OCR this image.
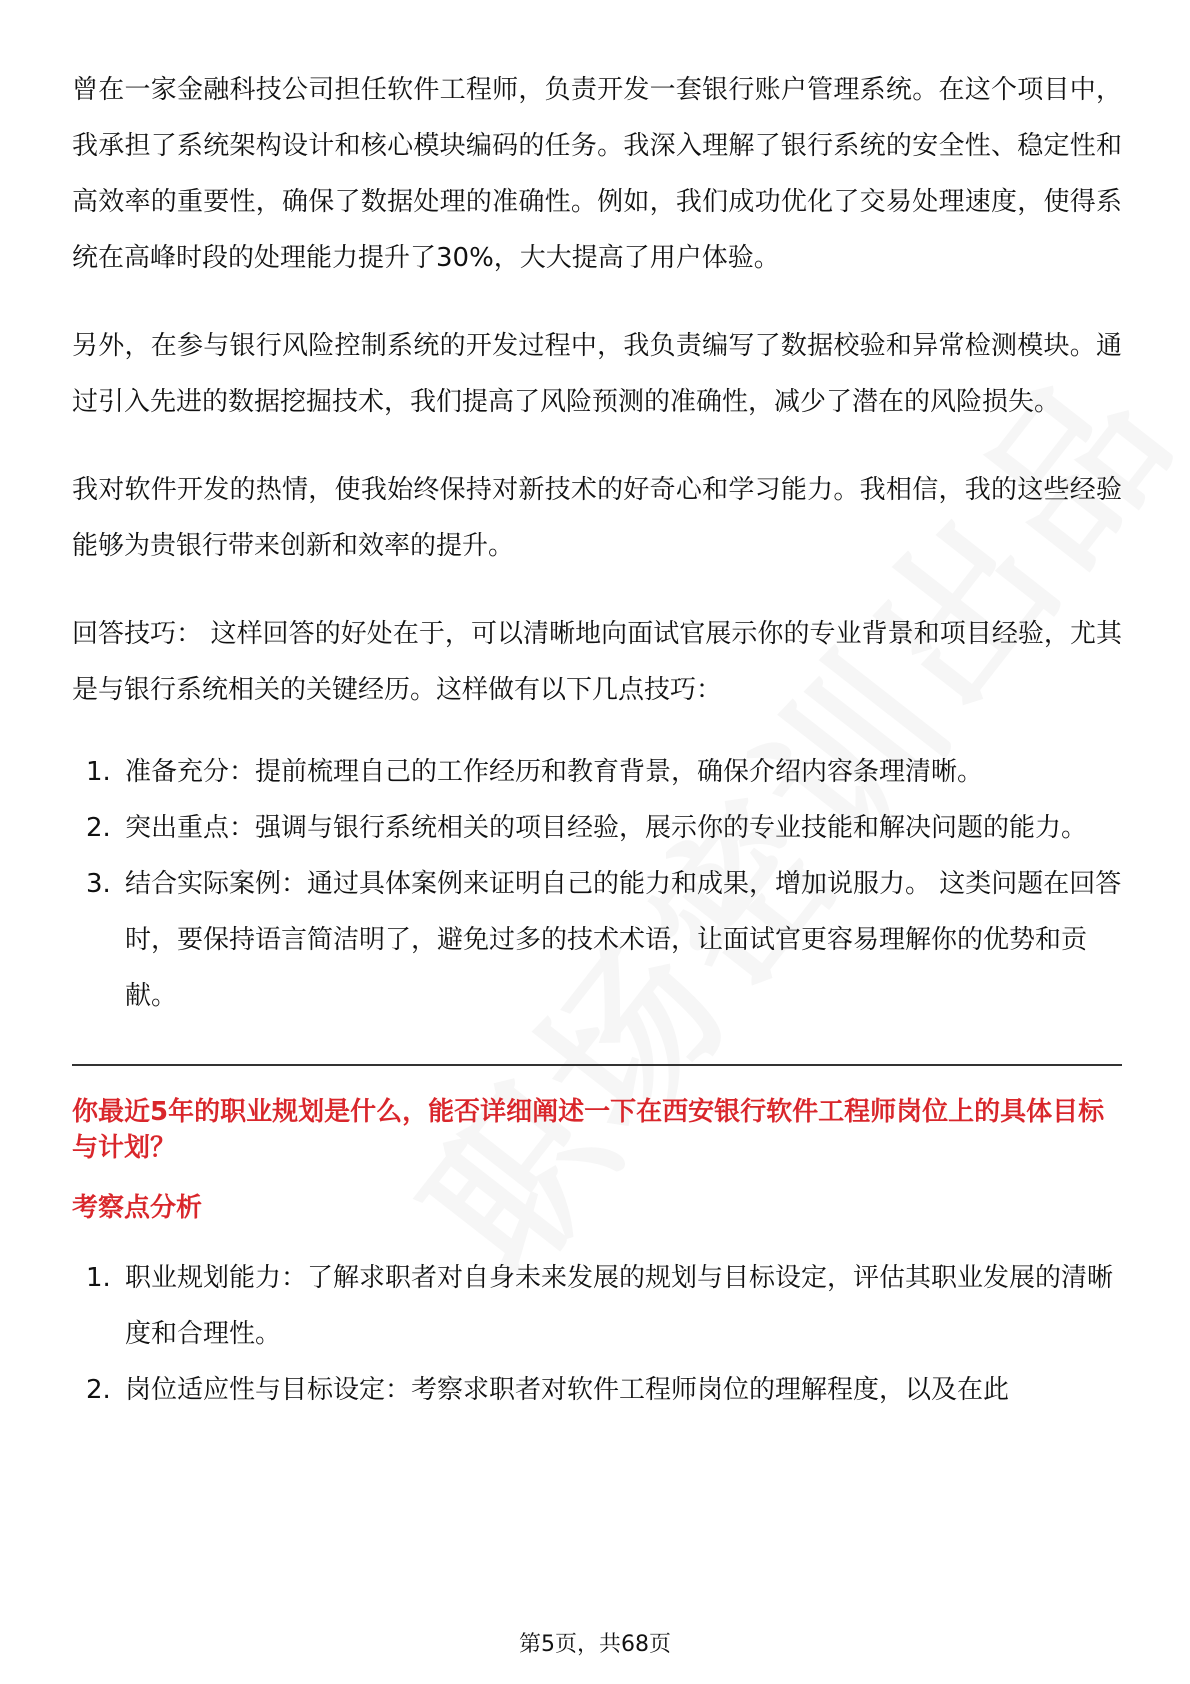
曾在一家金融科技公司担任软件工程师，负责开发一套银行账户管理系统。在这个项目中，我承担了系统架构设计和核心模块编码的任务。我深入理解了银行系统的安全性、稳定性和高效率的重要性，确保了数据处理的准确性。例如，我们成功优化了交易处理速度，使得系统在高峰时段的处理能力提升了30%，大大提高了用户体验。

另外，在参与银行风险控制系统的开发过程中，我负责编写了数据校验和异常检测模块。通过引入先进的数据挖掘技术，我们提高了风险预测的准确性，减少了潜在的风险损失。

我对软件开发的热情，使我始终保持对新技术的好奇心和学习能力。我相信，我的这些经验能够为贵银行带来创新和效率的提升。

回答技巧： 这样回答的好处在于，可以清晰地向面试官展示你的专业背景和项目经验，尤其是与银行系统相关的关键经历。这样做有以下几点技巧：

1. 准备充分：提前梳理自己的工作经历和教育背景，确保介绍内容条理清晰。
2. 突出重点：强调与银行系统相关的项目经验，展示你的专业技能和解决问题的能力。
3. 结合实际案例：通过具体案例来证明自己的能力和成果，增加说服力。 这类问题在回答时，要保持语言简洁明了，避免过多的技术术语，让面试官更容易理解你的优势和贡献。

你最近5年的职业规划是什么，能否详细阐述一下在西安银行软件工程师岗位上的具体目标与计划？

考察点分析
1. 职业规划能力：了解求职者对自身未来发展的规划与目标设定，评估其职业发展的清晰度和合理性。
2. 岗位适应性与目标设定：考察求职者对软件工程师岗位的理解程度，以及在此
第5页，共68页
